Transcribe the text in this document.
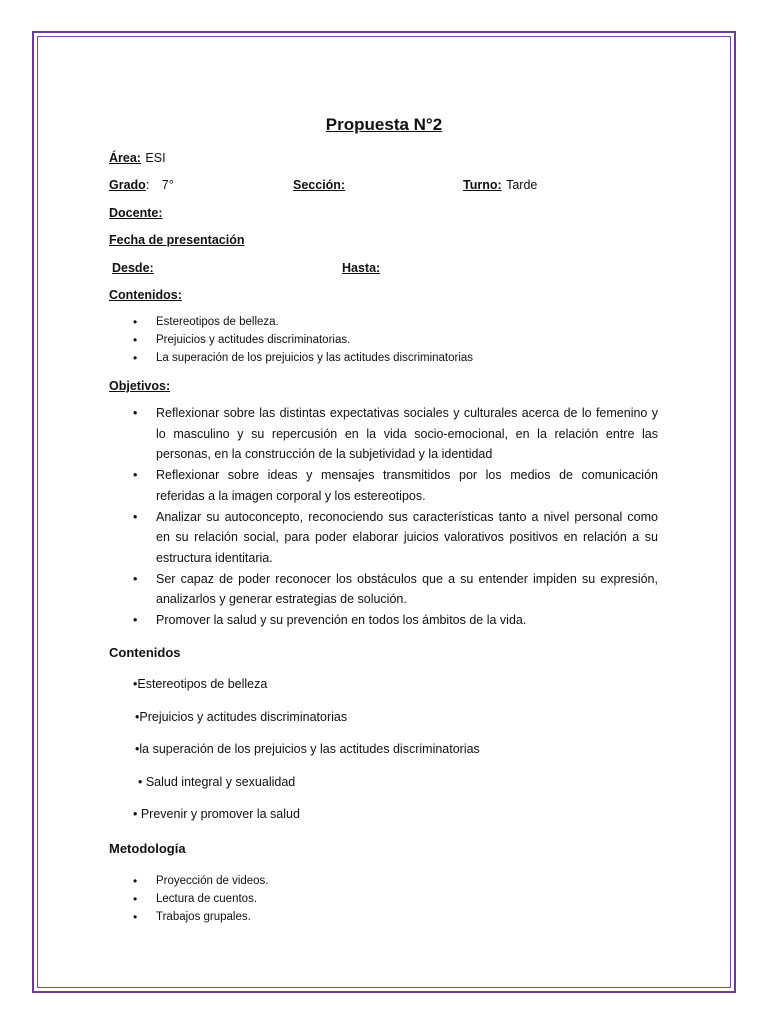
Propuesta N°2
Área: ESI
Grado: 7°	Sección:	Turno: Tarde
Docente:
Fecha de presentación
Desde:	Hasta:
Contenidos:
• Estereotipos de belleza.
• Prejuicios y actitudes discriminatorias.
• La superación de los prejuicios y las actitudes discriminatorias
Objetivos:
• Reflexionar sobre las distintas expectativas sociales y culturales acerca de lo femenino y lo masculino y su repercusión en la vida socio-emocional, en la relación entre las personas, en la construcción de la subjetividad y la identidad
• Reflexionar sobre ideas y mensajes transmitidos por los medios de comunicación referidas a la imagen corporal y los estereotipos.
• Analizar su autoconcepto, reconociendo sus características tanto a nivel personal como en su relación social, para poder elaborar juicios valorativos positivos en relación a su estructura identitaria.
• Ser capaz de poder reconocer los obstáculos que a su entender impiden su expresión, analizarlos y generar estrategias de solución.
• Promover la salud y su prevención en todos los ámbitos de la vida.
Contenidos
•Estereotipos de belleza
•Prejuicios y actitudes discriminatorias
•la superación de los prejuicios y las actitudes discriminatorias
• Salud integral y sexualidad
• Prevenir y promover la salud
Metodología
• Proyección de videos.
• Lectura de cuentos.
• Trabajos grupales.
